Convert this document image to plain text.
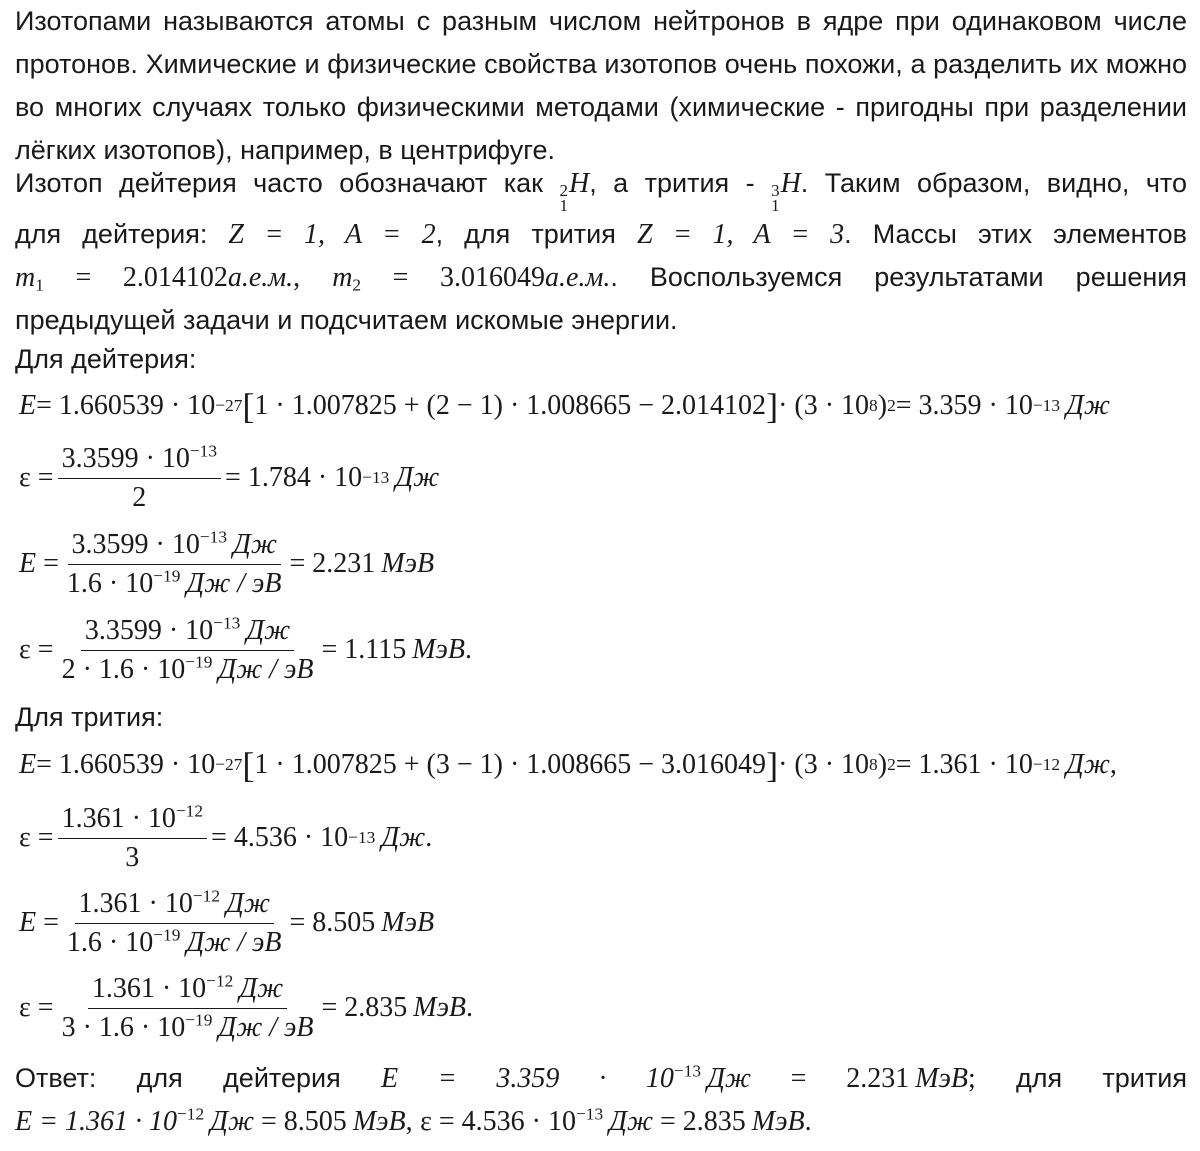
Изотопами называются атомы с разным числом нейтронов в ядре при одинаковом числе протонов. Химические и физические свойства изотопов очень похожи, а разделить их можно во многих случаях только физическими методами (химические - пригодны при разделении лёгких изотопов), например, в центрифуге.

Изотоп дейтерия часто обозначают как 2
1
H, а трития - 3
1
H. Таким образом, видно, что
для дейтерия: Z = 1, A = 2, для трития Z = 1, A = 3. Массы этих элементов
$m_1 = 2.014102а.е.м$., $m_2 = 3.016049а.е.м$.. Воспользуемся результатами решения
предыдущей задачи и подсчитаем искомые энергии.
Для дейтерия:
E = 1.660539 · 10 −27 [ 1 · 1.007825 + (2 − 1) · 1.008665 − 2.014102 ] · (3 · 10 8 ) 2 = 3.359 · 10 −13 Дж
$\varepsilon = \frac{3.3599 \cdot 10^{-13}}{2} = 1.784 \cdot 10 -13$ Дж
$E = \frac{3.3599 \cdot 10^{-13} Дж}{1.6 \cdot 10^{-19} Дж / эВ} = 2.231$ МэВ
$\varepsilon = \frac{3.3599 \cdot 10^{-13} Дж}{2 \cdot 1.6 \cdot 10^{-19} Дж / эВ} = 1.115$ МэВ .
Для трития:
E = 1.660539 · 10 −27 [ 1 · 1.007825 + (3 − 1) · 1.008665 − 3.016049 ] · (3 · 10 8 ) 2 = 1.361 · 10 −12 Дж ,
$\varepsilon = \frac{1.361 \cdot 10^{-12}}{3} = 4.536 \cdot 10 -13$ Дж .
$E = \frac{1.361 \cdot 10^{-12} Дж}{1.6 \cdot 10^{-19} Дж / эВ} = 8.505$ МэВ
$\varepsilon = \frac{1.361 \cdot 10^{-12} Дж}{3 \cdot 1.6 \cdot 10^{-19} Дж / эВ} = 2.835$ МэВ .
Ответ: для дейтерия $E = 3.359 \cdot 10^{-13}$ Дж = 2.231 МэВ; для трития
$E = 1.361 \cdot 10^{-12}$ Дж = 8.505 МэВ, $\varepsilon = 4.536 \cdot 10^{-13}$ Дж = 2.835 МэВ.
